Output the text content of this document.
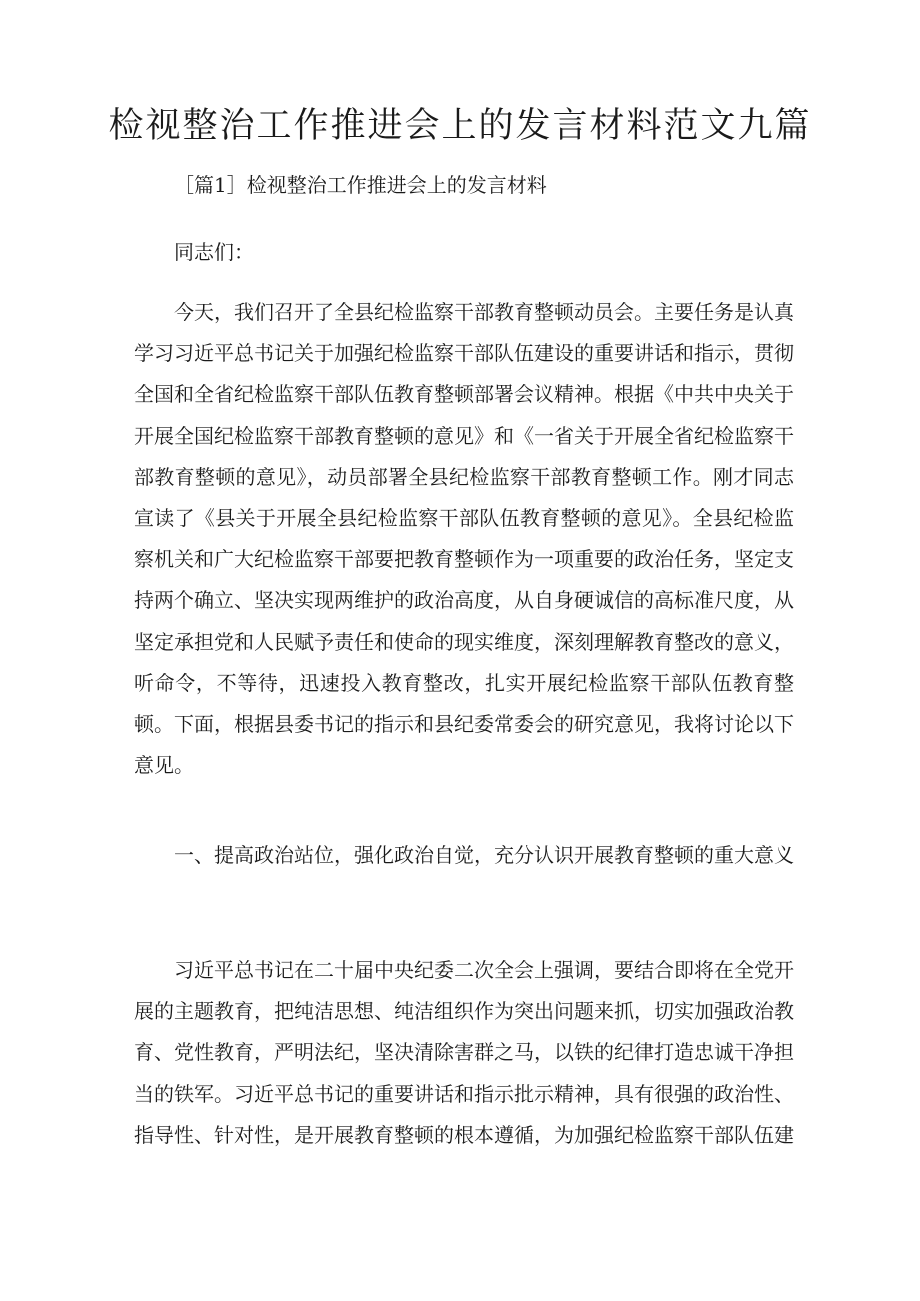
检视整治工作推进会上的发言材料范文九篇

［篇1］检视整治工作推进会上的发言材料

同志们：

今天，我们召开了全县纪检监察干部教育整顿动员会。主要任务是认真学习习近平总书记关于加强纪检监察干部队伍建设的重要讲话和指示，贯彻全国和全省纪检监察干部队伍教育整顿部署会议精神。根据《中共中央关于开展全国纪检监察干部教育整顿的意见》和《一省关于开展全省纪检监察干部教育整顿的意见》，动员部署全县纪检监察干部教育整顿工作。刚才同志宣读了《县关于开展全县纪检监察干部队伍教育整顿的意见》。全县纪检监察机关和广大纪检监察干部要把教育整顿作为一项重要的政治任务，坚定支持两个确立、坚决实现两维护的政治高度，从自身硬诚信的高标准尺度，从坚定承担党和人民赋予责任和使命的现实维度，深刻理解教育整改的意义，听命令，不等待，迅速投入教育整改，扎实开展纪检监察干部队伍教育整顿。下面，根据县委书记的指示和县纪委常委会的研究意见，我将讨论以下意见。

一、提高政治站位，强化政治自觉，充分认识开展教育整顿的重大意义

习近平总书记在二十届中央纪委二次全会上强调，要结合即将在全党开展的主题教育，把纯洁思想、纯洁组织作为突出问题来抓，切实加强政治教育、党性教育，严明法纪，坚决清除害群之马，以铁的纪律打造忠诚干净担当的铁军。习近平总书记的重要讲话和指示批示精神，具有很强的政治性、指导性、针对性，是开展教育整顿的根本遵循，为加强纪检监察干部队伍建
